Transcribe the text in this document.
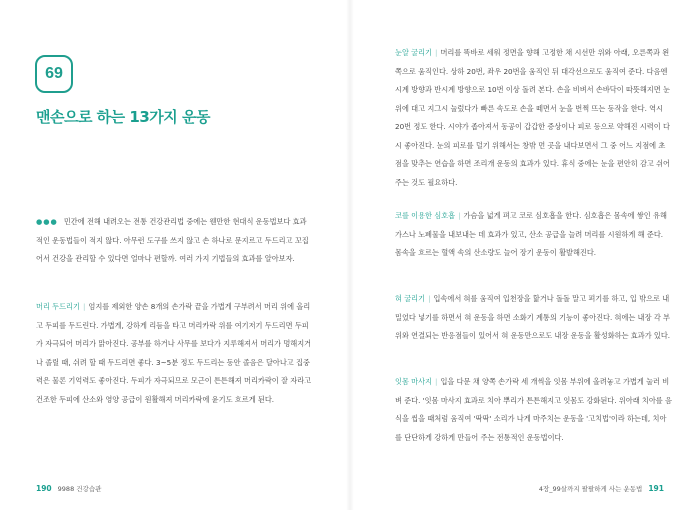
69
맨손으로 하는 13가지 운동
●●● 민간에 전해 내려오는 전통 건강관리법 중에는 웬만한 현대식 운동법보다 효과적인 운동법들이 적지 않다. 아무런 도구를 쓰지 않고 손 하나로 문지르고 두드리고 꼬집어서 건강을 관리할 수 있다면 얼마나 편할까. 여러 가지 기법들의 효과를 알아보자.
머리 두드리기 | 엄지를 제외한 양손 8개의 손가락 끝을 가볍게 구부려서 머리 위에 올리고 두피를 두드린다. 가볍게, 강하게 리듬을 타고 머리카락 위를 여기저기 두드리면 두피가 자극되어 머리가 맑아진다. 공부를 하거나 사무를 보다가 지루해져서 머리가 멍해지거나 졸릴 때, 쉬려 할 때 두드리면 좋다. 3~5분 정도 두드리는 동안 졸음은 달아나고 집중력은 물론 기억력도 좋아진다. 두피가 자극되므로 모근이 튼튼해져 머리카락이 잘 자라고 건조한 두피에 산소와 영양 공급이 원활해져 머리카락에 윤기도 흐르게 된다.
190 9988 건강습관
눈알 굴리기 | 머리를 똑바로 세워 정면을 향해 고정한 채 시선만 위와 아래, 오른쪽과 왼쪽으로 움직인다. 상하 20번, 좌우 20번을 움직인 뒤 대각선으로도 움직여 준다. 다음엔 시계 방향과 반시계 방향으로 10번 이상 돌려 본다. 손을 비벼서 손바닥이 따뜻해지면 눈 위에 대고 지그시 눌렀다가 빠른 속도로 손을 떼면서 눈을 번쩍 뜨는 동작을 한다. 역시 20번 정도 한다. 시야가 좁아져서 동공이 갑갑한 증상이나 피로 등으로 약해진 시력이 다시 좋아진다. 눈의 피로를 덜기 위해서는 창밖 먼 곳을 내다보면서 그 중 어느 지점에 초점을 맞추는 연습을 하면 조리개 운동의 효과가 있다. 휴식 중에는 눈을 편안히 감고 쉬어 주는 것도 필요하다.
코를 이용한 심호흡 | 가슴을 넓게 펴고 코로 심호흡을 한다. 심호흡은 몸속에 쌓인 유해가스나 노폐물을 내보내는 데 효과가 있고, 산소 공급을 늘려 머리를 시원하게 해 준다. 몸속을 흐르는 혈액 속의 산소량도 늘어 장기 운동이 활발해진다.
혀 굴리기 | 입속에서 혀를 움직여 입천장을 핥거나 돌돌 말고 펴기를 하고, 입 밖으로 내밀었다 넣기를 하면서 혀 운동을 하면 소화기 계통의 기능이 좋아진다. 혀에는 내장 각 부위와 연결되는 반응점들이 있어서 혀 운동만으로도 내장 운동을 활성화하는 효과가 있다.
잇몸 마사지 | 입을 다문 채 양쪽 손가락 세 개씩을 잇몸 부위에 올려놓고 가볍게 눌러 비벼 준다. '잇몸 마사지 효과로 치아 뿌리가 튼튼해지고 잇몸도 강화된다. 위아래 치아를 음식을 씹을 때처럼 움직여 '딱딱' 소리가 나게 마주치는 운동을 '고치법'이라 하는데, 치아를 단단하게 강하게 만들어 주는 전통적인 운동법이다.
4장_99살까지 팔팔하게 사는 운동법 191
